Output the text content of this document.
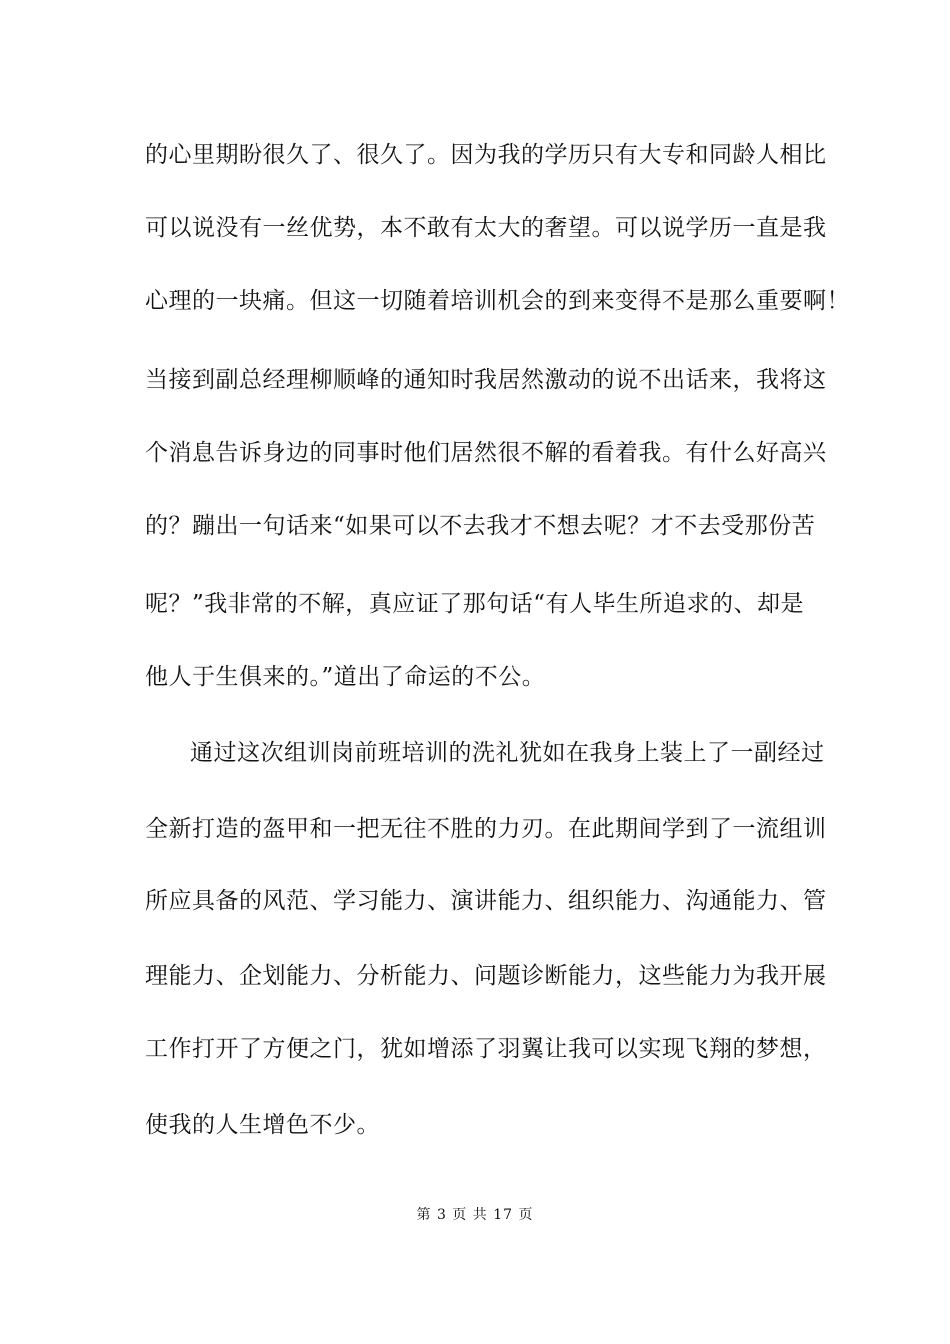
的心里期盼很久了、很久了。因为我的学历只有大专和同龄人相比
可以说没有一丝优势，本不敢有太大的奢望。可以说学历一直是我
心理的一块痛。但这一切随着培训机会的到来变得不是那么重要啊！
当接到副总经理柳顺峰的通知时我居然激动的说不出话来，我将这
个消息告诉身边的同事时他们居然很不解的看着我。有什么好高兴
的？蹦出一句话来“如果可以不去我才不想去呢？才不去受那份苦
呢？”我非常的不解，真应证了那句话“有人毕生所追求的、却是
他人于生俱来的。”道出了命运的不公。
通过这次组训岗前班培训的洗礼犹如在我身上装上了一副经过
全新打造的盔甲和一把无往不胜的力刃。在此期间学到了一流组训
所应具备的风范、学习能力、演讲能力、组织能力、沟通能力、管
理能力、企划能力、分析能力、问题诊断能力，这些能力为我开展
工作打开了方便之门，犹如增添了羽翼让我可以实现飞翔的梦想，
使我的人生增色不少。
第 3 页 共 17 页
